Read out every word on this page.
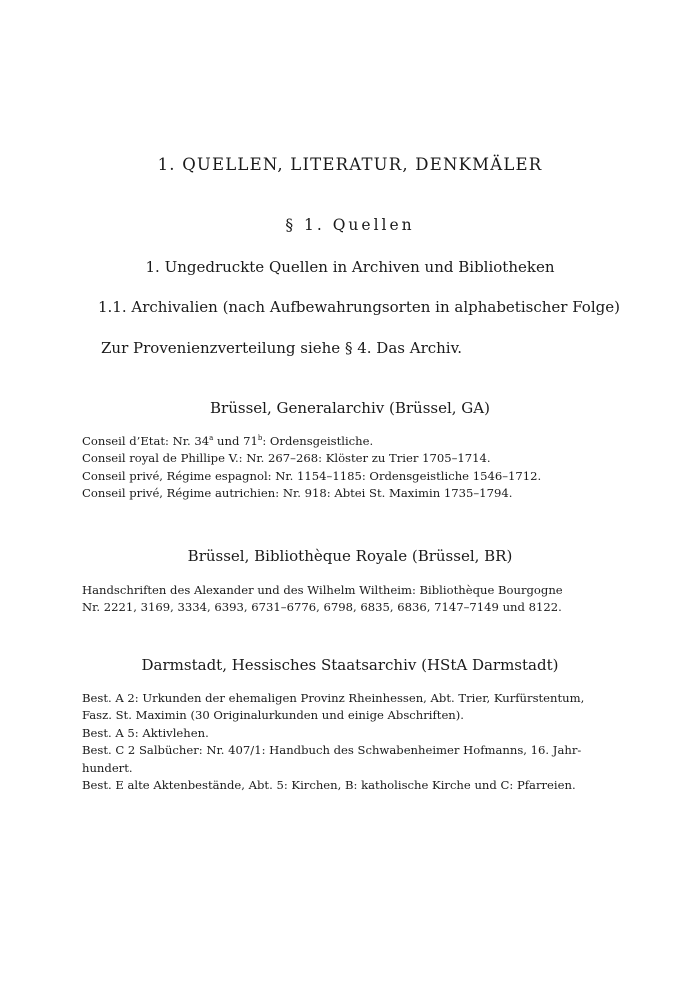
1. QUELLEN, LITERATUR, DENKMÄLER
§ 1. Quellen
1. Ungedruckte Quellen in Archiven und Bibliotheken
1.1. Archivalien (nach Aufbewahrungsorten in alphabetischer Folge)
Zur Provenienzverteilung siehe § 4. Das Archiv.
Brüssel, Generalarchiv (Brüssel, GA)
Conseil d’Etat: Nr. 34$^a$ und 71$^b$: Ordensgeistliche.
Conseil royal de Phillipe V.: Nr. 267–268: Klöster zu Trier 1705–1714.
Conseil privé, Régime espagnol: Nr. 1154–1185: Ordensgeistliche 1546–1712.
Conseil privé, Régime autrichien: Nr. 918: Abtei St. Maximin 1735–1794.
Brüssel, Bibliothèque Royale (Brüssel, BR)
Handschriften des Alexander und des Wilhelm Wiltheim: Bibliothèque Bourgogne
Nr. 2221, 3169, 3334, 6393, 6731–6776, 6798, 6835, 6836, 7147–7149 und 8122.
Darmstadt, Hessisches Staatsarchiv (HStA Darmstadt)
Best. A 2: Urkunden der ehemaligen Provinz Rheinhessen, Abt. Trier, Kurfürstentum,
Fasz. St. Maximin (30 Originalurkunden und einige Abschriften).
Best. A 5: Aktivlehen.
Best. C 2 Salbücher: Nr. 407/1: Handbuch des Schwabenheimer Hofmanns, 16. Jahr-
hundert.
Best. E alte Aktenbestände, Abt. 5: Kirchen, B: katholische Kirche und C: Pfarreien.
